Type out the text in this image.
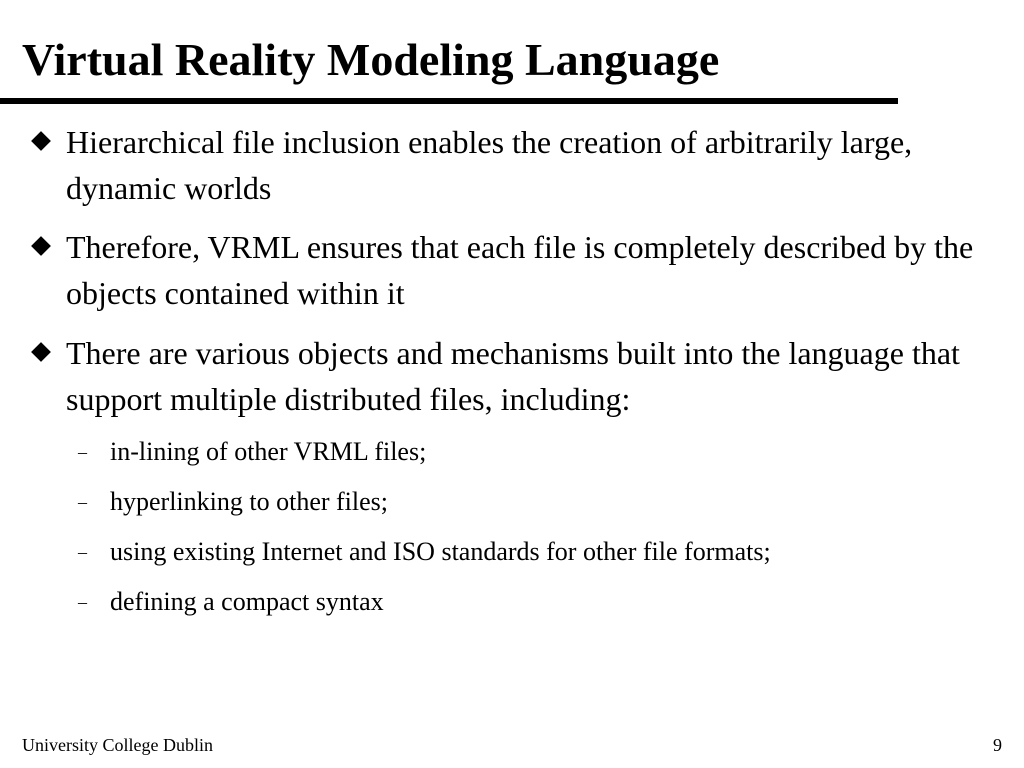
Virtual Reality Modeling Language
Hierarchical file inclusion enables the creation of arbitrarily large, dynamic worlds
Therefore, VRML ensures that each file is completely described by the objects contained within it
There are various objects and mechanisms built into the language that support multiple distributed files, including:
– in-lining of other VRML files;
– hyperlinking to other files;
– using existing Internet and ISO standards for other file formats;
– defining a compact syntax
University College Dublin	9
